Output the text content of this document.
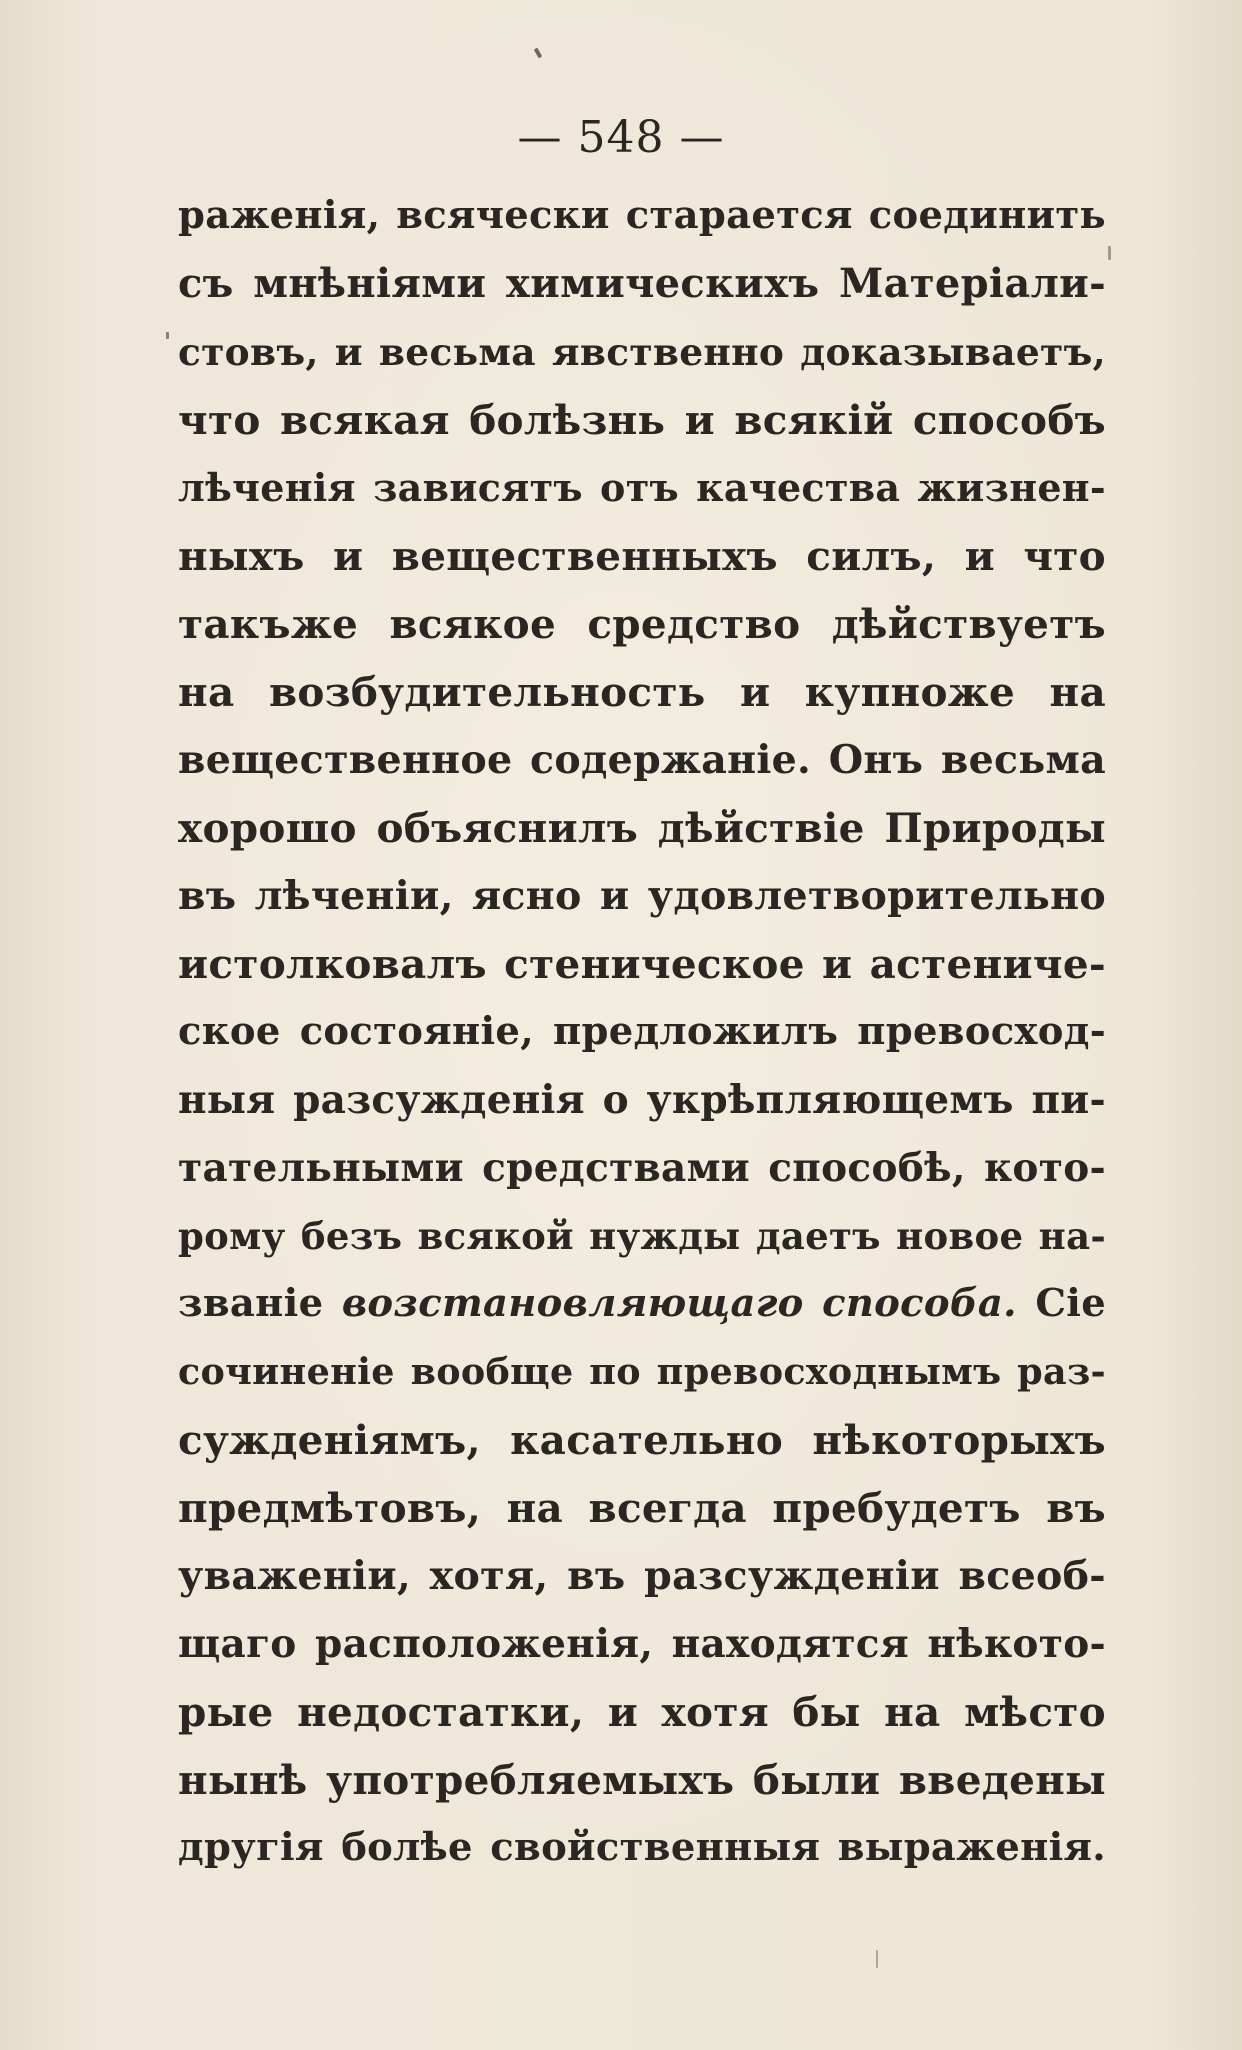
— 548 —
раженія, всячески старается соединить
съ мнѣніями химическихъ Матеріали-
стовъ, и весьма явственно доказываетъ,
что всякая болѣзнь и всякій способъ
лѣченія зависятъ отъ качества жизнен-
ныхъ и вещественныхъ силъ, и что
такъже всякое средство дѣйствуетъ
на возбудительность и купноже на
вещественное содержаніе. Онъ весьма
хорошо объяснилъ дѣйствіе Природы
въ лѣченіи, ясно и удовлетворительно
истолковалъ стеническое и астениче-
ское состояніе, предложилъ превосход-
ныя разсужденія о укрѣпляющемъ пи-
тательными средствами способѣ, кото-
рому безъ всякой нужды даетъ новое на-
званіе возстановляющаго способа. Сіе
сочиненіе вообще по превосходнымъ раз-
сужденіямъ, касательно нѣкоторыхъ
предмѣтовъ, на всегда пребудетъ въ
уваженіи, хотя, въ разсужденіи всеоб-
щаго расположенія, находятся нѣкото-
рые недостатки, и хотя бы на мѣсто
нынѣ употребляемыхъ были введены
другія болѣе свойственныя выраженія.
